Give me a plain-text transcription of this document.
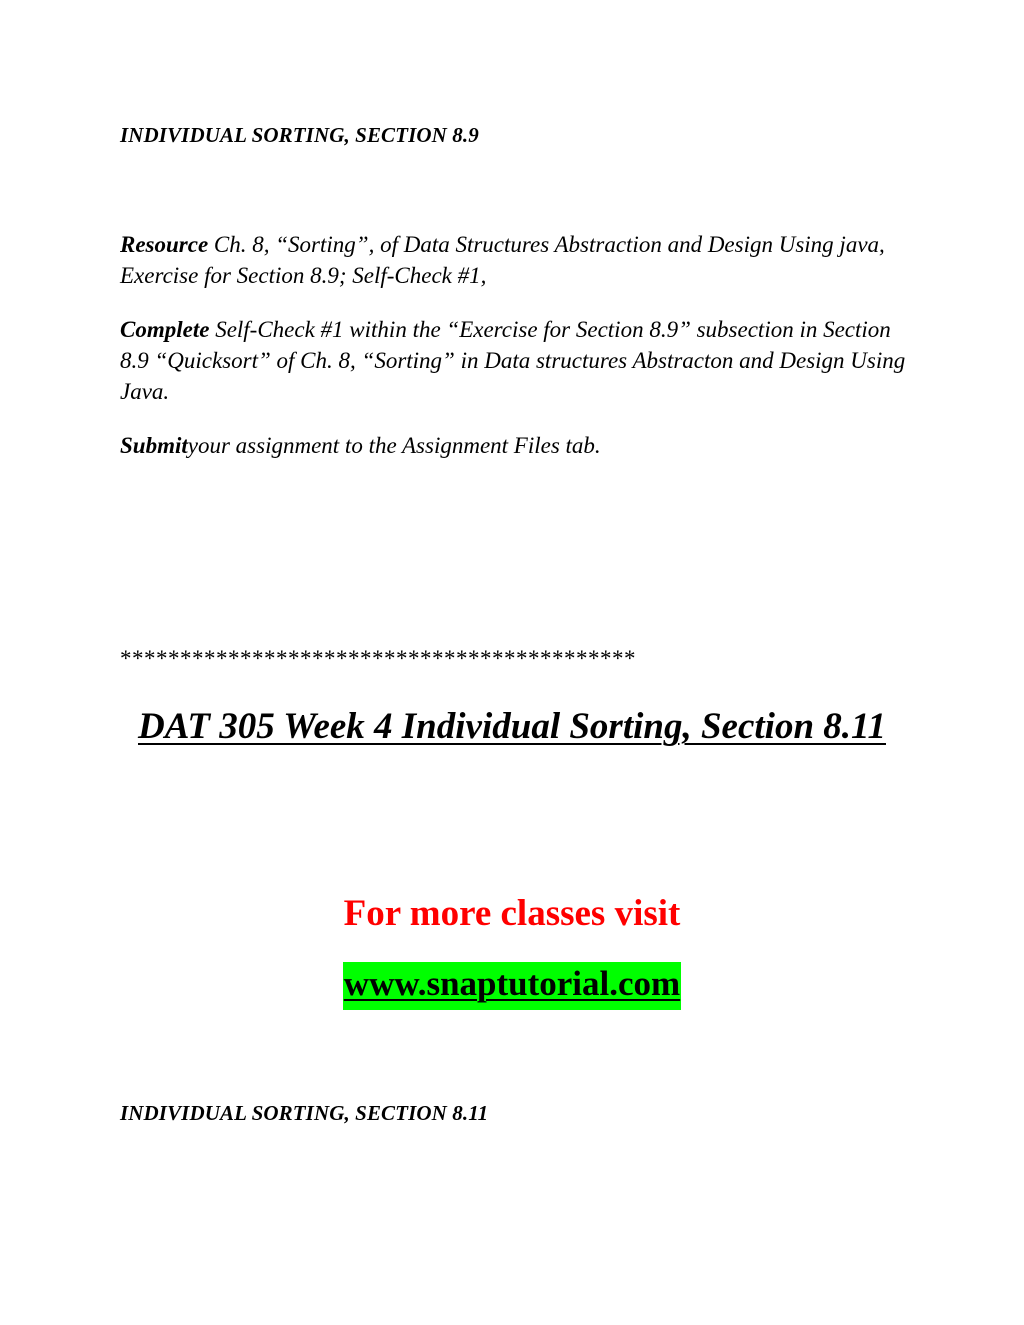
INDIVIDUAL SORTING, SECTION 8.9
Resource Ch. 8, “Sorting”, of Data Structures Abstraction and Design Using java, Exercise for Section 8.9; Self-Check #1,
Complete Self-Check #1 within the “Exercise for Section 8.9” subsection in Section 8.9 “Quicksort” of Ch. 8, “Sorting” in Data structures Abstracton and Design Using Java.
Submityour assignment to the Assignment Files tab.
*******************************************
DAT 305 Week 4 Individual Sorting, Section 8.11
For more classes visit
www.snaptutorial.com
INDIVIDUAL SORTING, SECTION 8.11
